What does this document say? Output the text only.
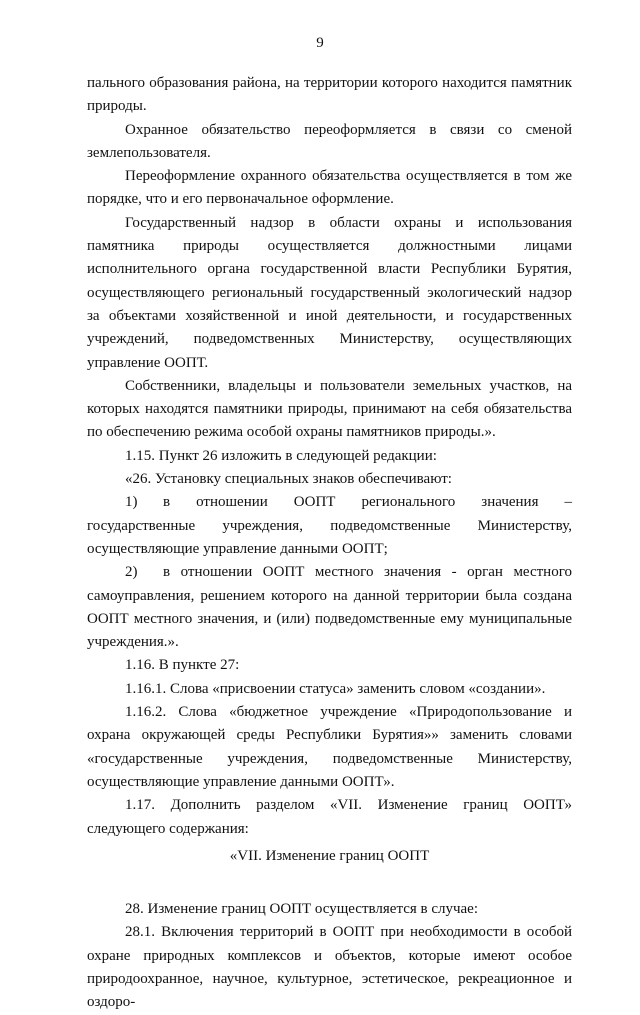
9

пального образования района, на территории которого находится памятник природы.

Охранное обязательство переоформляется в связи со сменой землепользователя.

Переоформление охранного обязательства осуществляется в том же порядке, что и его первоначальное оформление.

Государственный надзор в области охраны и использования памятника природы осуществляется должностными лицами исполнительного органа государственной власти Республики Бурятия, осуществляющего региональный государственный экологический надзор за объектами хозяйственной и иной деятельности, и государственных учреждений, подведомственных Министерству, осуществляющих управление ООПТ.

Собственники, владельцы и пользователи земельных участков, на которых находятся памятники природы, принимают на себя обязательства по обеспечению режима особой охраны памятников природы.».

1.15. Пункт 26 изложить в следующей редакции:

«26. Установку специальных знаков обеспечивают:

1) в отношении ООПТ регионального значения – государственные учреждения, подведомственные Министерству, осуществляющие управление данными ООПТ;

2) в отношении ООПТ местного значения - орган местного самоуправления, решением которого на данной территории была создана ООПТ местного значения, и (или) подведомственные ему муниципальные учреждения.».

1.16. В пункте 27:

1.16.1. Слова «присвоении статуса» заменить словом «создании».

1.16.2. Слова «бюджетное учреждение «Природопользование и охрана окружающей среды Республики Бурятия»» заменить словами «государственные учреждения, подведомственные Министерству, осуществляющие управление данными ООПТ».

1.17. Дополнить разделом «VII. Изменение границ ООПТ» следующего содержания:

«VII. Изменение границ ООПТ

28. Изменение границ ООПТ осуществляется в случае:

28.1. Включения территорий в ООПТ при необходимости в особой охране природных комплексов и объектов, которые имеют особое природоохранное, научное, культурное, эстетическое, рекреационное и оздоро-
